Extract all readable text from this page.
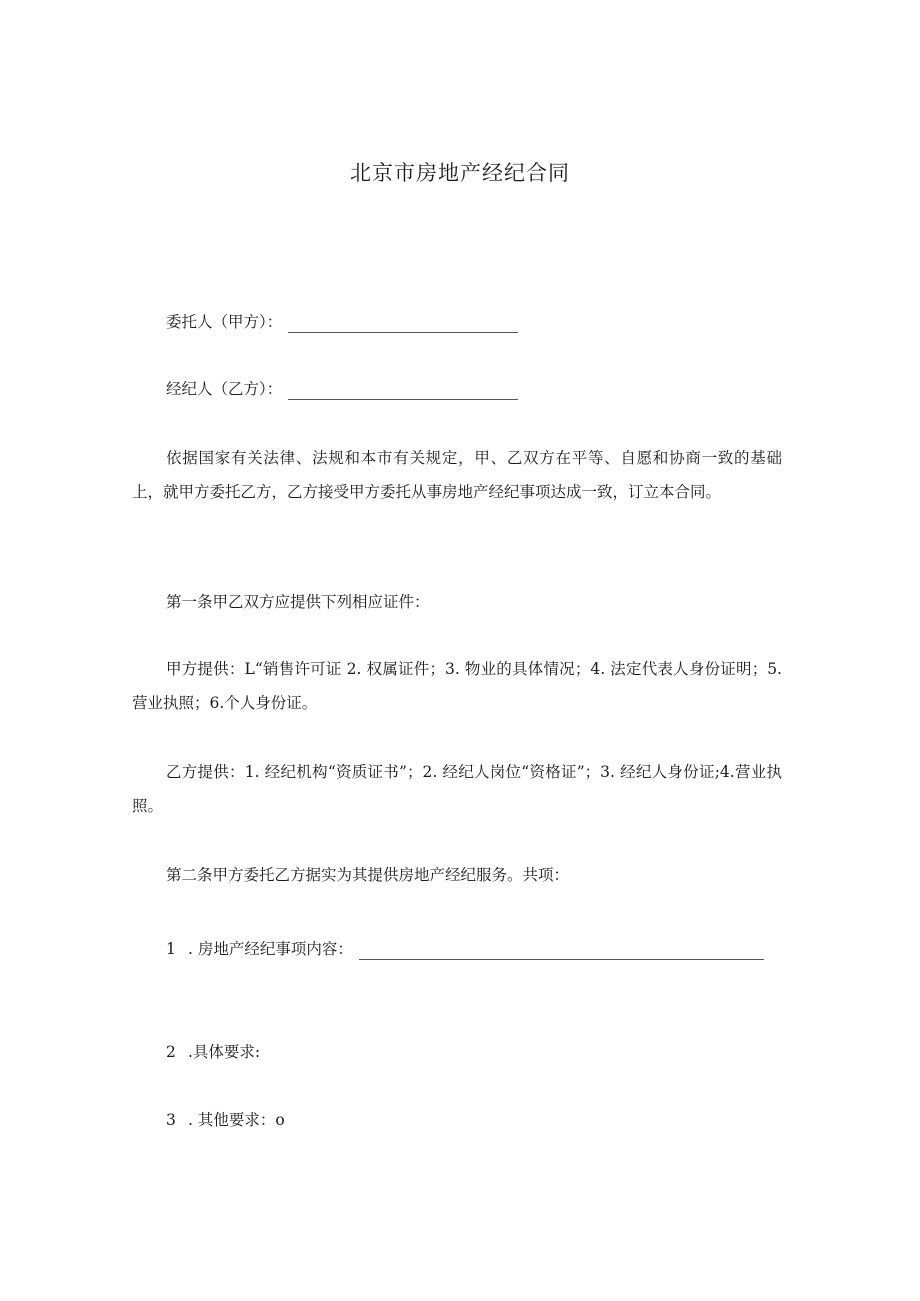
北京市房地产经纪合同

委托人（甲方）：

经纪人（乙方）：

依据国家有关法律、法规和本市有关规定，甲、乙双方在平等、自愿和协商一致的基础上，就甲方委托乙方，乙方接受甲方委托从事房地产经纪事项达成一致，订立本合同。

第一条甲乙双方应提供下列相应证件：

甲方提供：L“销售许可证 2. 权属证件；3. 物业的具体情况；4. 法定代表人身份证明；5. 营业执照；6.个人身份证。

乙方提供：1. 经纪机构“资质证书”；2. 经纪人岗位“资格证”；3. 经纪人身份证;4.营业执照。

第二条甲方委托乙方据实为其提供房地产经纪服务。共项：

1 . 房地产经纪事项内容：

2 .具体要求:

3 . 其他要求：o
